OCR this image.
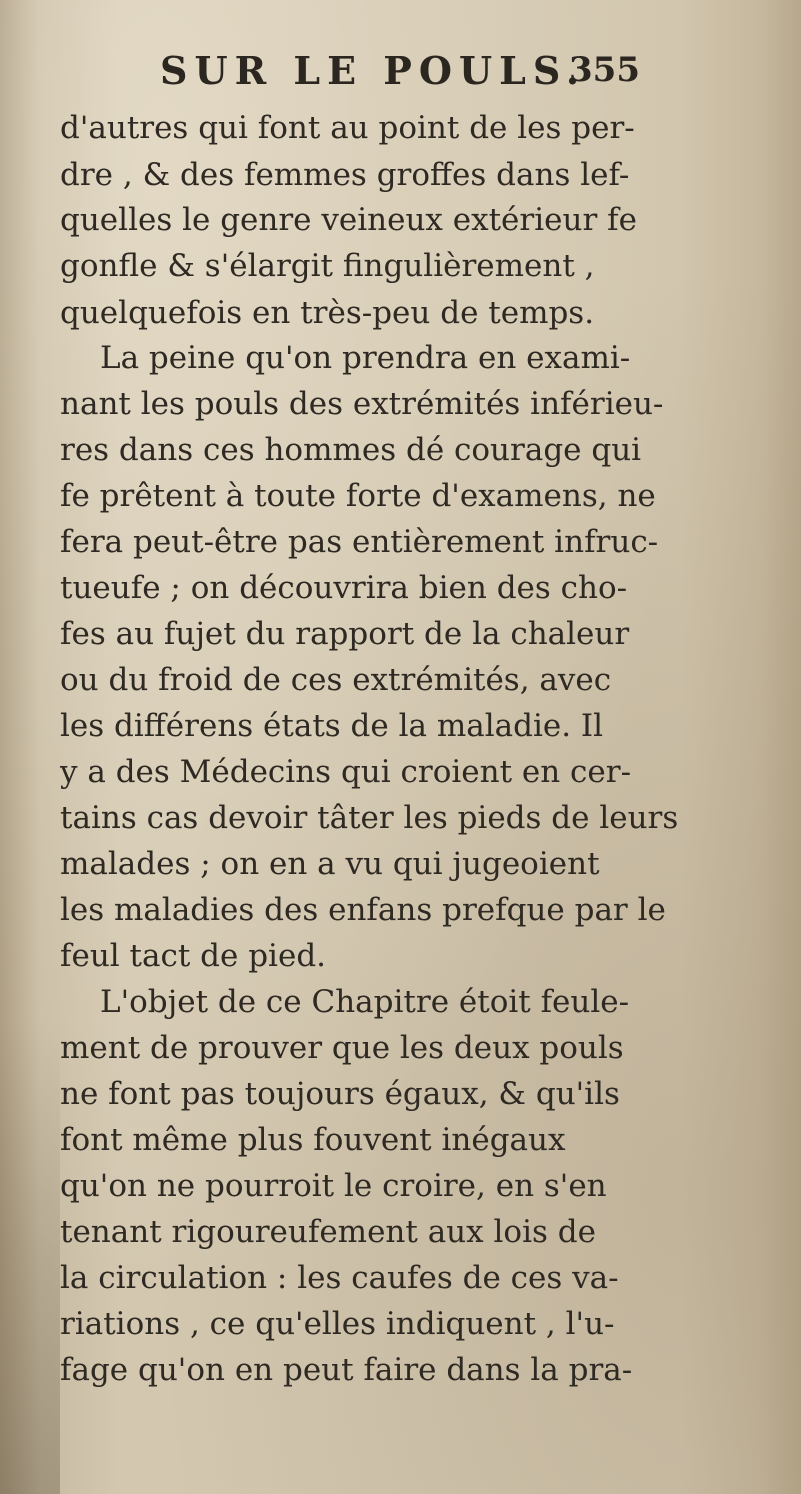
SUR LE POULS.
355
d'autres qui font au point de les per-
dre , & des femmes groffes dans lef-
quelles le genre veineux extérieur fe
gonfle & s'élargit fingulièrement ,
quelquefois en très-peu de temps.
La peine qu'on prendra en exami-
nant les pouls des extrémités inférieu-
res dans ces hommes dé courage qui
fe prêtent à toute forte d'examens, ne
fera peut-être pas entièrement infruc-
tueufe ; on découvrira bien des cho-
fes au fujet du rapport de la chaleur
ou du froid de ces extrémités, avec
les différens états de la maladie. Il
y a des Médecins qui croient en cer-
tains cas devoir tâter les pieds de leurs
malades ; on en a vu qui jugeoient
les maladies des enfans prefque par le
feul tact de pied.
L'objet de ce Chapitre étoit feule-
ment de prouver que les deux pouls
ne font pas toujours égaux, & qu'ils
font même plus fouvent inégaux
qu'on ne pourroit le croire, en s'en
tenant rigoureufement aux lois de
la circulation : les caufes de ces va-
riations , ce qu'elles indiquent , l'u-
fage qu'on en peut faire dans la pra-
